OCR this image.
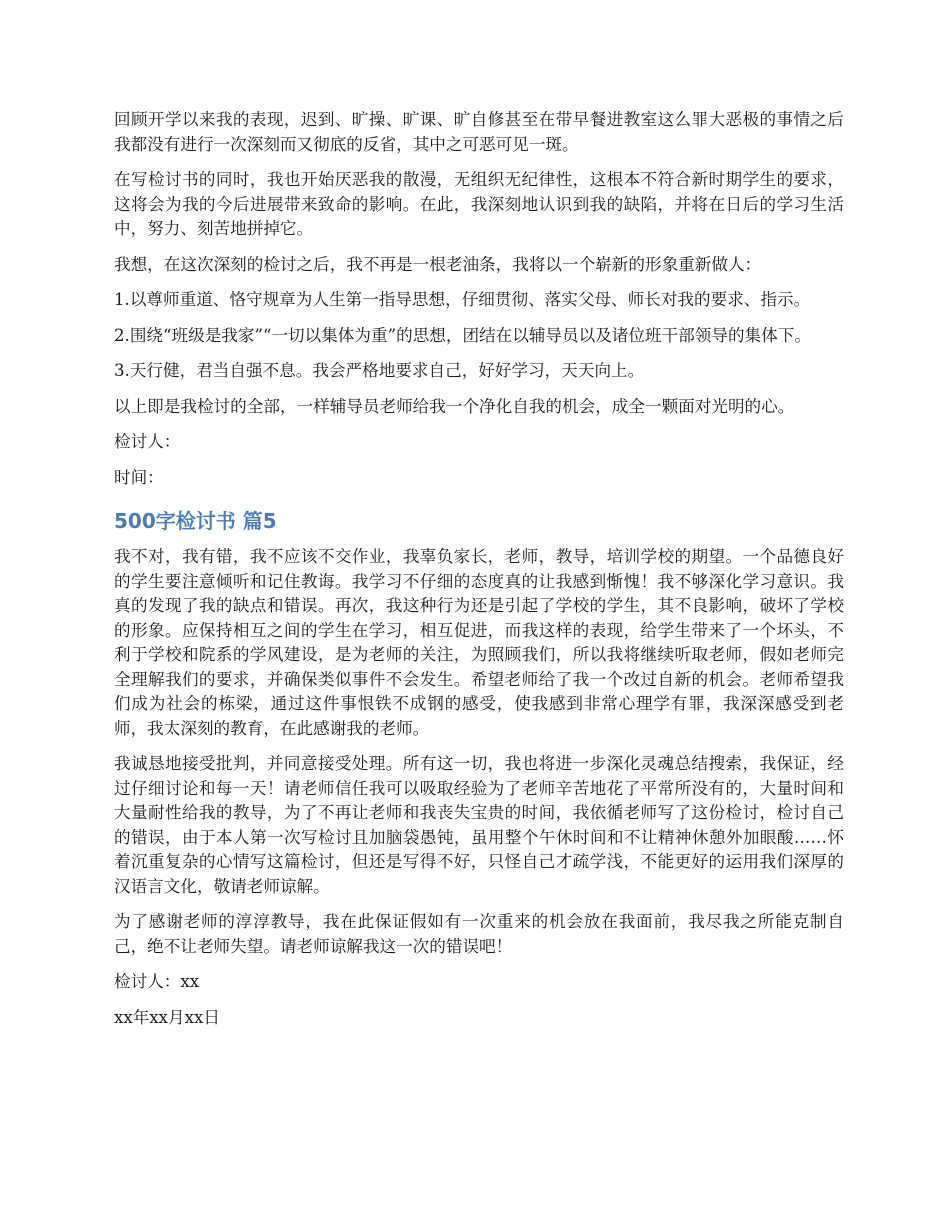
回顾开学以来我的表现，迟到、旷操、旷课、旷自修甚至在带早餐进教室这么罪大恶极的事情之后我都没有进行一次深刻而又彻底的反省，其中之可恶可见一斑。

在写检讨书的同时，我也开始厌恶我的散漫，无组织无纪律性，这根本不符合新时期学生的要求，这将会为我的今后进展带来致命的影响。在此，我深刻地认识到我的缺陷，并将在日后的学习生活中，努力、刻苦地拼掉它。

我想，在这次深刻的检讨之后，我不再是一根老油条，我将以一个崭新的形象重新做人：

1.以尊师重道、恪守规章为人生第一指导思想，仔细贯彻、落实父母、师长对我的要求、指示。

2.围绕“班级是我家”“一切以集体为重”的思想，团结在以辅导员以及诸位班干部领导的集体下。

3.天行健，君当自强不息。我会严格地要求自己，好好学习，天天向上。

以上即是我检讨的全部，一样辅导员老师给我一个净化自我的机会，成全一颗面对光明的心。

检讨人：

时间：

500字检讨书 篇5

我不对，我有错，我不应该不交作业，我辜负家长，老师，教导，培训学校的期望。一个品德良好的学生要注意倾听和记住教诲。我学习不仔细的态度真的让我感到惭愧！我不够深化学习意识。我真的发现了我的缺点和错误。再次，我这种行为还是引起了学校的学生，其不良影响，破坏了学校的形象。应保持相互之间的学生在学习，相互促进，而我这样的表现，给学生带来了一个坏头，不利于学校和院系的学风建设，是为老师的关注，为照顾我们，所以我将继续听取老师，假如老师完全理解我们的要求，并确保类似事件不会发生。希望老师给了我一个改过自新的机会。老师希望我们成为社会的栋梁，通过这件事恨铁不成钢的感受，使我感到非常心理学有罪，我深深感受到老师，我太深刻的教育，在此感谢我的老师。

我诚恳地接受批判，并同意接受处理。所有这一切，我也将进一步深化灵魂总结搜索，我保证，经过仔细讨论和每一天！请老师信任我可以吸取经验为了老师辛苦地花了平常所没有的，大量时间和大量耐性给我的教导，为了不再让老师和我丧失宝贵的时间，我依循老师写了这份检讨，检讨自己的错误，由于本人第一次写检讨且加脑袋愚钝，虽用整个午休时间和不让精神休憩外加眼酸……怀着沉重复杂的心情写这篇检讨，但还是写得不好，只怪自己才疏学浅，不能更好的运用我们深厚的汉语言文化，敬请老师谅解。

为了感谢老师的淳淳教导，我在此保证假如有一次重来的机会放在我面前，我尽我之所能克制自己，绝不让老师失望。请老师谅解我这一次的错误吧！

检讨人：xx

xx年xx月xx日
